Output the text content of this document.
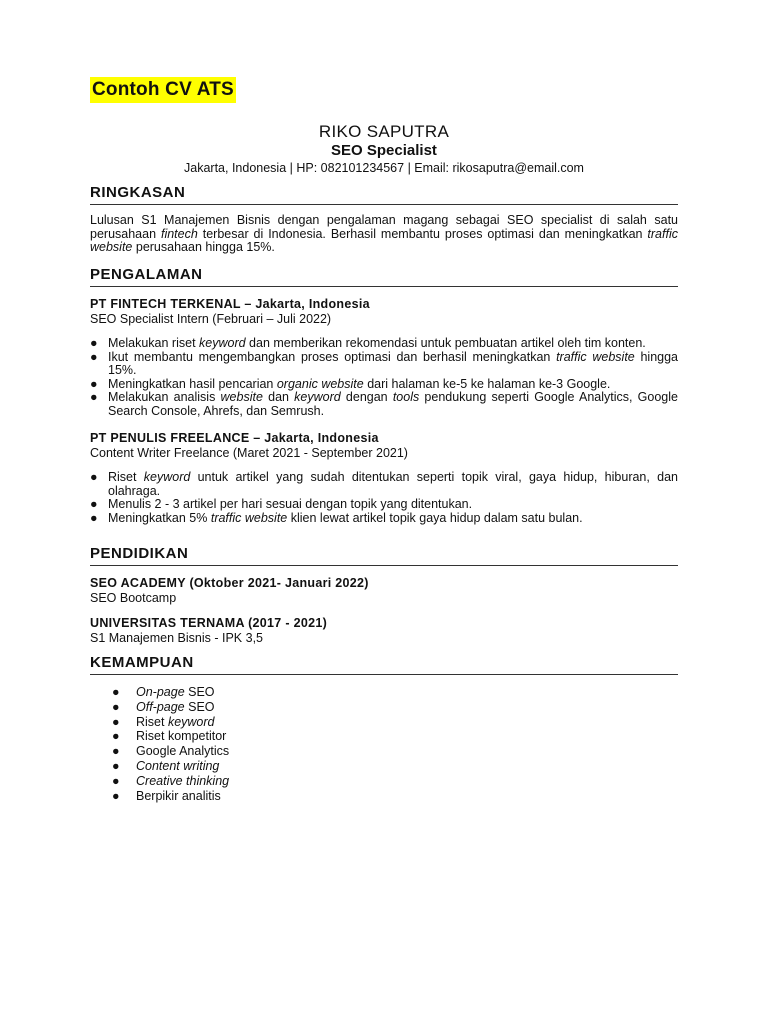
Contoh CV ATS
RIKO SAPUTRA
SEO Specialist
Jakarta, Indonesia | HP: 082101234567 | Email: rikosaputra@email.com
RINGKASAN
Lulusan S1 Manajemen Bisnis dengan pengalaman magang sebagai SEO specialist di salah satu perusahaan fintech terbesar di Indonesia. Berhasil membantu proses optimasi dan meningkatkan traffic website perusahaan hingga 15%.
PENGALAMAN
PT FINTECH TERKENAL – Jakarta, Indonesia
SEO Specialist Intern (Februari – Juli 2022)
● Melakukan riset keyword dan memberikan rekomendasi untuk pembuatan artikel oleh tim konten.
● Ikut membantu mengembangkan proses optimasi dan berhasil meningkatkan traffic website hingga 15%.
● Meningkatkan hasil pencarian organic website dari halaman ke-5 ke halaman ke-3 Google.
● Melakukan analisis website dan keyword dengan tools pendukung seperti Google Analytics, Google Search Console, Ahrefs, dan Semrush.
PT PENULIS FREELANCE – Jakarta, Indonesia
Content Writer Freelance (Maret 2021 - September 2021)
● Riset keyword untuk artikel yang sudah ditentukan seperti topik viral, gaya hidup, hiburan, dan olahraga.
● Menulis 2 - 3 artikel per hari sesuai dengan topik yang ditentukan.
● Meningkatkan 5% traffic website klien lewat artikel topik gaya hidup dalam satu bulan.
PENDIDIKAN
SEO ACADEMY (Oktober 2021- Januari 2022)
SEO Bootcamp
UNIVERSITAS TERNAMA (2017 - 2021)
S1 Manajemen Bisnis - IPK 3,5
KEMAMPUAN
● On-page SEO
● Off-page SEO
● Riset keyword
● Riset kompetitor
● Google Analytics
● Content writing
● Creative thinking
● Berpikir analitis
